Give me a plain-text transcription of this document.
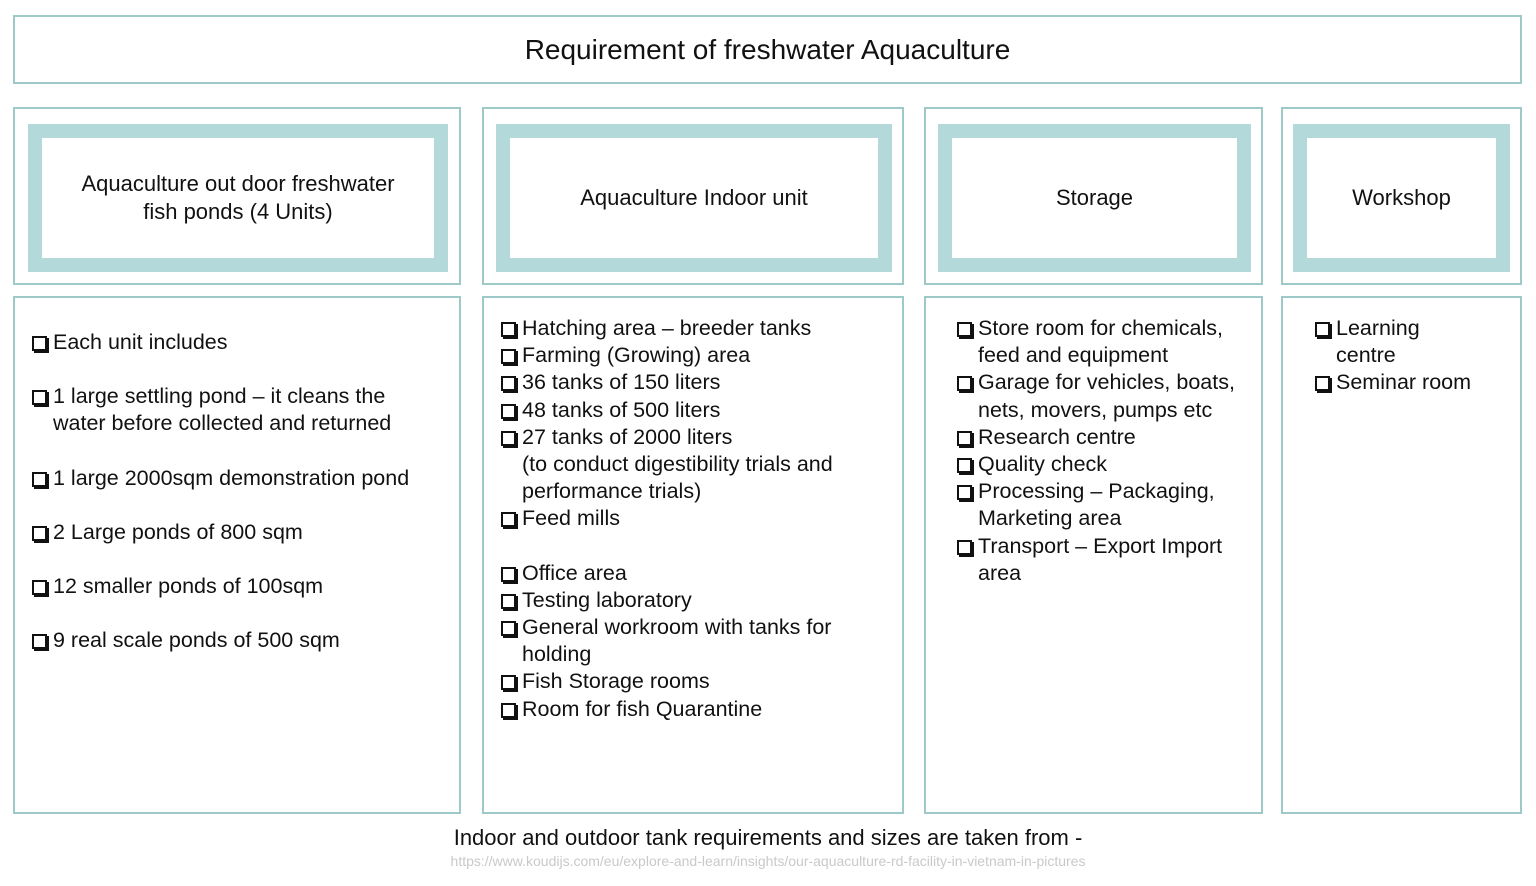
Requirement of freshwater Aquaculture
Aquaculture out door freshwater
fish ponds (4 Units)
Each unit includes
1 large settling pond – it cleans the
water before collected and returned
1 large 2000sqm demonstration pond
2 Large ponds of 800 sqm
12 smaller ponds of 100sqm
9 real scale ponds of 500 sqm
Aquaculture Indoor unit
Hatching area – breeder tanks
Farming (Growing) area
36 tanks of 150 liters
48 tanks of 500 liters
27 tanks of 2000 liters
(to conduct digestibility trials and
performance trials)
Feed mills
Office area
Testing laboratory
General workroom with tanks for
holding
Fish Storage rooms
Room for fish Quarantine
Storage
Store room for chemicals,
feed and equipment
Garage for vehicles, boats,
nets, movers, pumps etc
Research centre
Quality check
Processing – Packaging,
Marketing area
Transport – Export Import
area
Workshop
Learning
centre
Seminar room
Indoor and outdoor tank requirements and sizes are taken from -
https://www.koudijs.com/eu/explore-and-learn/insights/our-aquaculture-rd-facility-in-vietnam-in-pictures
